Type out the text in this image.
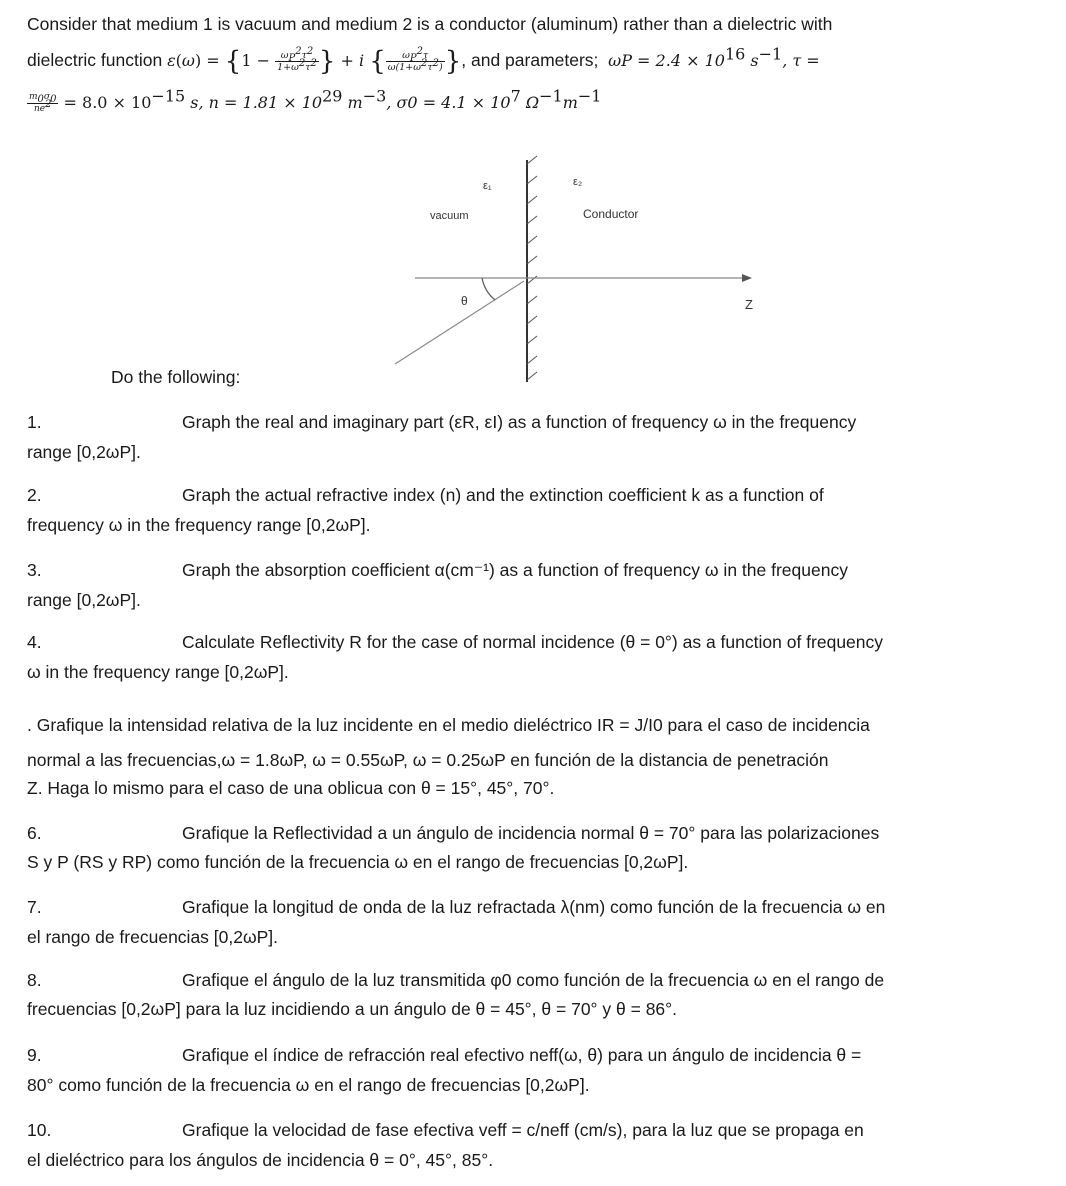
Consider that medium 1 is vacuum and medium 2 is a conductor (aluminum) rather than a dielectric with
dielectric function $\varepsilon(\omega) = \{1 - \frac{\omega_P^2\tau^2}{1+\omega^2\tau^2}$ } + i { $\frac{\omega_P^2\tau}{\omega(1+\omega^2\tau^2)}$ }, and parameters; $\omega P = 2.4 \times 10^{16}$ $s^{-1}$, τ =
$\frac{m_0\sigma_0}{ne^2} = 8.0 \times 10^{-15}$ s, $n = 1.81 \times 10^{29}$ $m^{-3}$, $\sigma 0 = 4.1 \times 10^7$ $\Omega^{-1}m^{-1}$
ε₁	ε₂
vacuum	Conductor
θ	Z
Do the following:
1.	Graph the real and imaginary part (εR, εI) as a function of frequency ω in the frequency
range [0,2ωP].
2.	Graph the actual refractive index (n) and the extinction coefficient k as a function of
frequency ω in the frequency range [0,2ωP].
3.	Graph the absorption coefficient α(cm⁻¹) as a function of frequency ω in the frequency
range [0,2ωP].
4.	Calculate Reflectivity R for the case of normal incidence (θ = 0°) as a function of frequency
ω in the frequency range [0,2ωP].
. Grafique la intensidad relativa de la luz incidente en el medio dieléctrico IR = J/I0 para el caso de incidencia
normal a las frecuencias,ω = 1.8ωP, ω = 0.55ωP, ω = 0.25ωP en función de la distancia de penetración
Z. Haga lo mismo para el caso de una oblicua con θ = 15°, 45°, 70°.
6.	Grafique la Reflectividad a un ángulo de incidencia normal θ = 70° para las polarizaciones
S y P (RS y RP) como función de la frecuencia ω en el rango de frecuencias [0,2ωP].
7.	Grafique la longitud de onda de la luz refractada λ(nm) como función de la frecuencia ω en
el rango de frecuencias [0,2ωP].
8.	Grafique el ángulo de la luz transmitida φ0 como función de la frecuencia ω en el rango de
frecuencias [0,2ωP] para la luz incidiendo a un ángulo de θ = 45°, θ = 70° y θ = 86°.
9.	Grafique el índice de refracción real efectivo neff(ω, θ) para un ángulo de incidencia θ =
80° como función de la frecuencia ω en el rango de frecuencias [0,2ωP].
10.	Grafique la velocidad de fase efectiva veff = c/neff (cm/s), para la luz que se propaga en
el dieléctrico para los ángulos de incidencia θ = 0°, 45°, 85°.
